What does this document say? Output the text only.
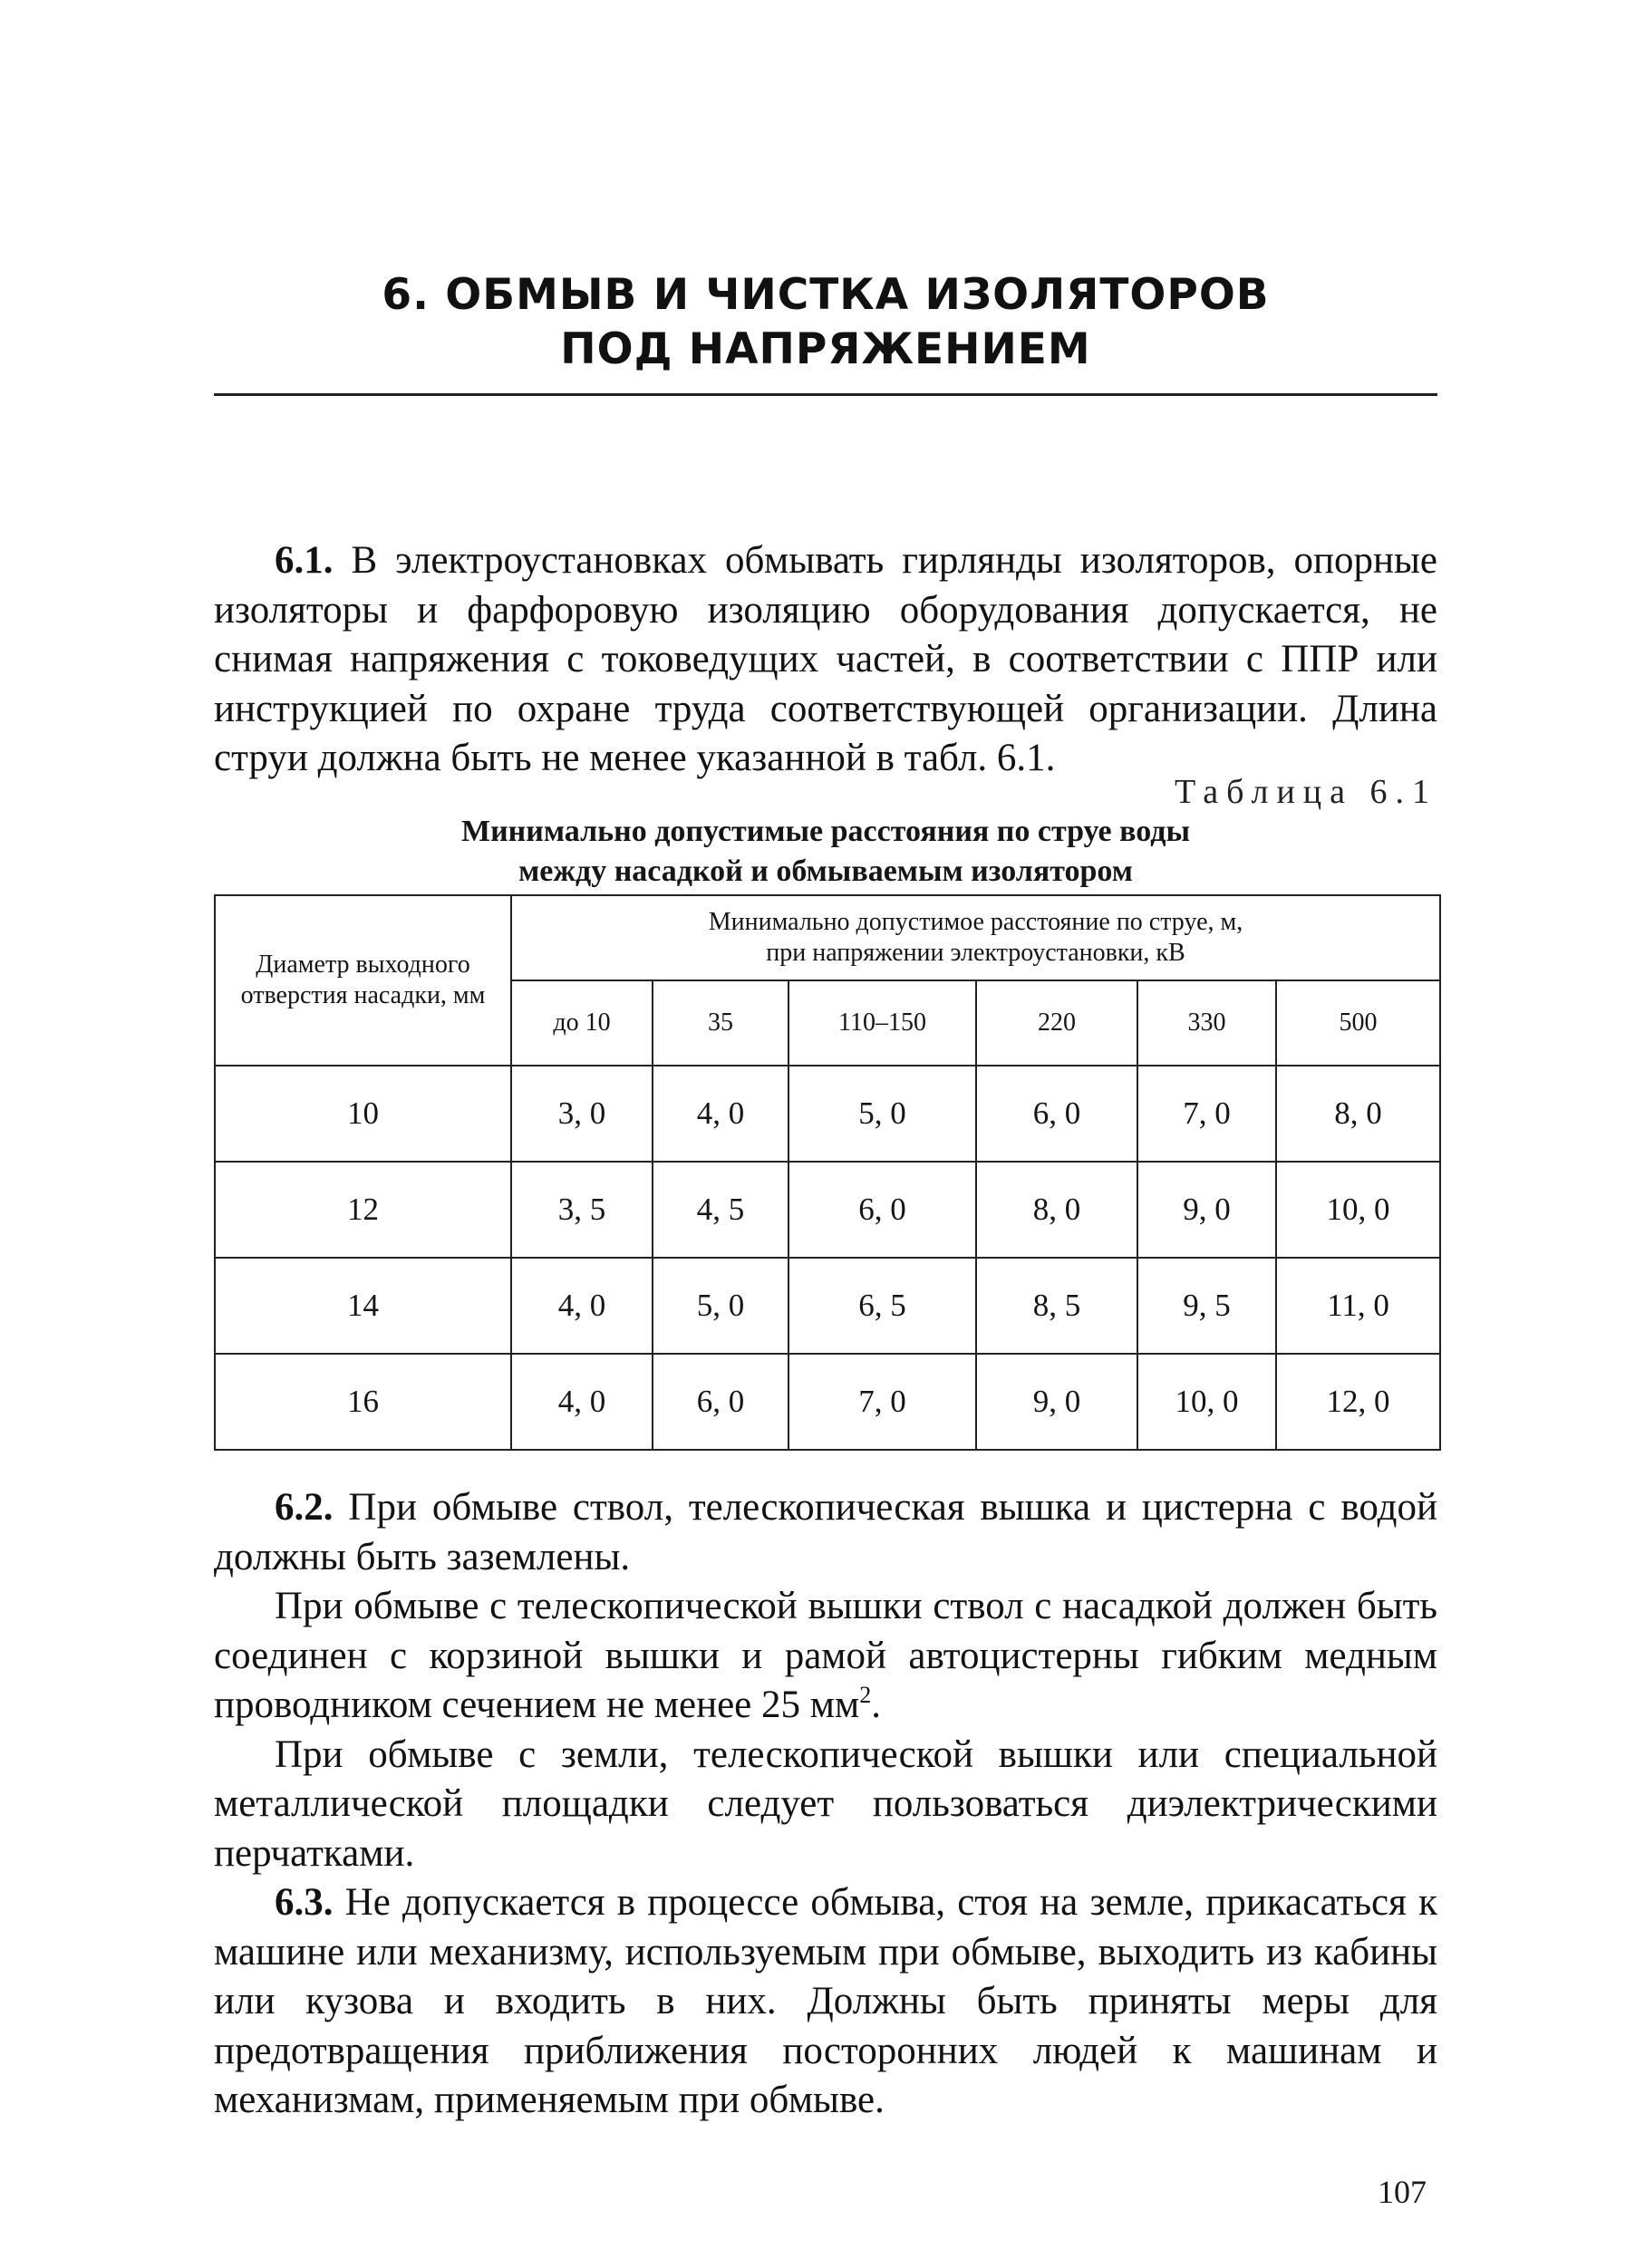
6. ОБМЫВ И ЧИСТКА ИЗОЛЯТОРОВ
ПОД НАПРЯЖЕНИЕМ

6.1. В электроустановках обмывать гирлянды изоляторов, опорные изоляторы и фарфоровую изоляцию оборудования допускается, не снимая напряжения с токоведущих частей, в соответствии с ППР или инструкцией по охране труда соответствующей организации. Длина струи должна быть не менее указанной в табл. 6.1.

Таблица 6.1
Минимально допустимые расстояния по струе воды
между насадкой и обмываемым изолятором
Диаметр выходного отверстия насадки, мм	Минимально допустимое расстояние по струе, м,
при напряжении электроустановки, кВ					

	до 10	35	110–150	220	330	500
10	3, 0	4, 0	5, 0	6, 0	7, 0	8, 0
12	3, 5	4, 5	6, 0	8, 0	9, 0	10, 0
14	4, 0	5, 0	6, 5	8, 5	9, 5	11, 0
16	4, 0	6, 0	7, 0	9, 0	10, 0	12, 0

6.2. При обмыве ствол, телескопическая вышка и цистерна с водой должны быть заземлены.

При обмыве с телескопической вышки ствол с насадкой должен быть соединен с корзиной вышки и рамой автоцистерны гибким медным проводником сечением не менее 25 $мм^2$.

При обмыве с земли, телескопической вышки или специальной металлической площадки следует пользоваться диэлектрическими перчатками.

6.3. Не допускается в процессе обмыва, стоя на земле, прикасаться к машине или механизму, используемым при обмыве, выходить из кабины или кузова и входить в них. Должны быть приняты меры для предотвращения приближения посторонних людей к машинам и механизмам, применяемым при обмыве.

107
